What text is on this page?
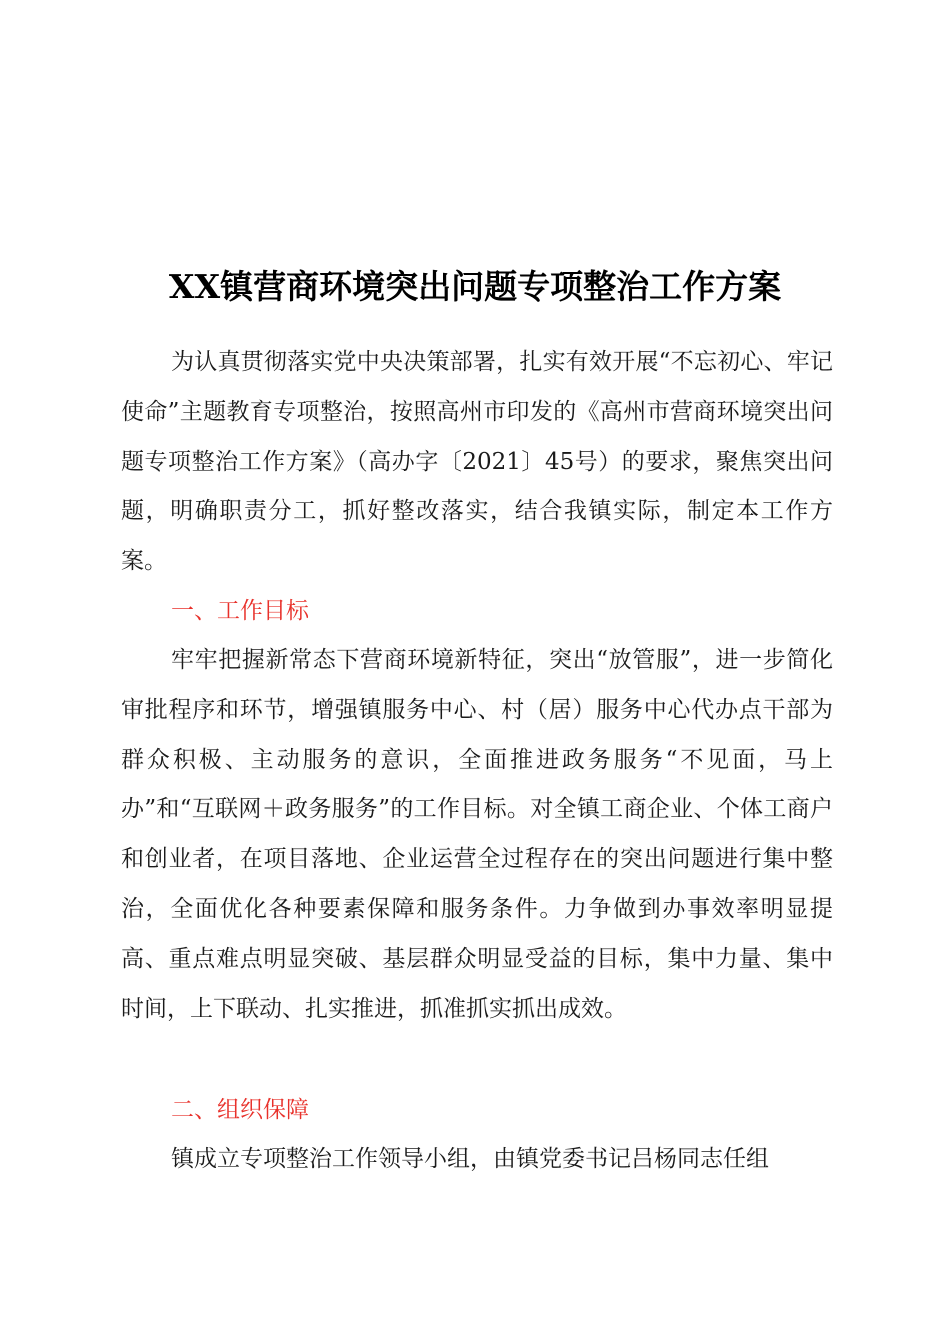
XX镇营商环境突出问题专项整治工作方案

为认真贯彻落实党中央决策部署，扎实有效开展“不忘初心、牢记使命”主题教育专项整治，按照高州市印发的《高州市营商环境突出问题专项整治工作方案》（高办字〔2021〕45号）的要求，聚焦突出问题，明确职责分工，抓好整改落实，结合我镇实际，制定本工作方案。

一、工作目标

牢牢把握新常态下营商环境新特征，突出“放管服”，进一步简化审批程序和环节，增强镇服务中心、村（居）服务中心代办点干部为群众积极、主动服务的意识，全面推进政务服务“不见面，马上办”和“互联网＋政务服务”的工作目标。对全镇工商企业、个体工商户和创业者，在项目落地、企业运营全过程存在的突出问题进行集中整治，全面优化各种要素保障和服务条件。力争做到办事效率明显提高、重点难点明显突破、基层群众明显受益的目标，集中力量、集中时间，上下联动、扎实推进，抓准抓实抓出成效。

二、组织保障

镇成立专项整治工作领导小组，由镇党委书记吕杨同志任组
